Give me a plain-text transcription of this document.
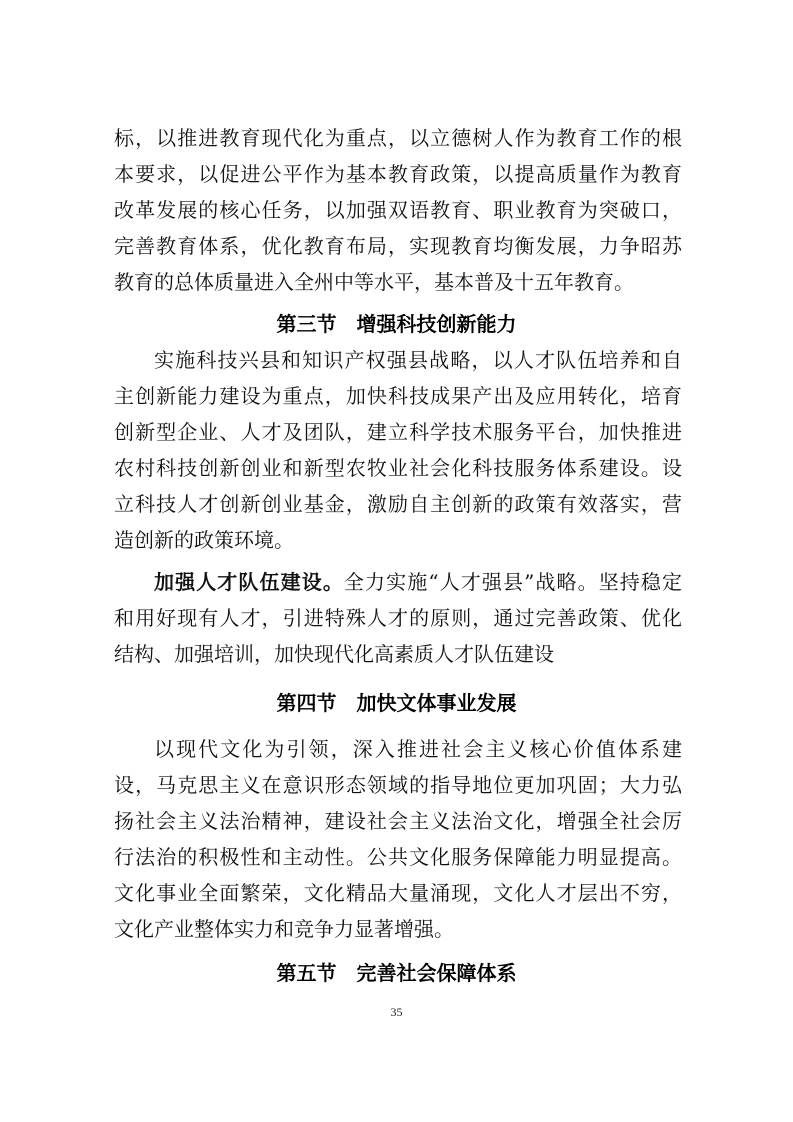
标，以推进教育现代化为重点，以立德树人作为教育工作的根
本要求，以促进公平作为基本教育政策，以提高质量作为教育
改革发展的核心任务，以加强双语教育、职业教育为突破口，
完善教育体系，优化教育布局，实现教育均衡发展，力争昭苏
教育的总体质量进入全州中等水平，基本普及十五年教育。
第三节 增强科技创新能力
实施科技兴县和知识产权强县战略，以人才队伍培养和自
主创新能力建设为重点，加快科技成果产出及应用转化，培育
创新型企业、人才及团队，建立科学技术服务平台，加快推进
农村科技创新创业和新型农牧业社会化科技服务体系建设。设
立科技人才创新创业基金，激励自主创新的政策有效落实，营
造创新的政策环境。
加强人才队伍建设。全力实施“人才强县”战略。坚持稳定
和用好现有人才，引进特殊人才的原则，通过完善政策、优化
结构、加强培训，加快现代化高素质人才队伍建设
第四节 加快文体事业发展
以现代文化为引领，深入推进社会主义核心价值体系建
设，马克思主义在意识形态领域的指导地位更加巩固；大力弘
扬社会主义法治精神，建设社会主义法治文化，增强全社会厉
行法治的积极性和主动性。公共文化服务保障能力明显提高。
文化事业全面繁荣，文化精品大量涌现，文化人才层出不穷，
文化产业整体实力和竞争力显著增强。
第五节 完善社会保障体系
35
